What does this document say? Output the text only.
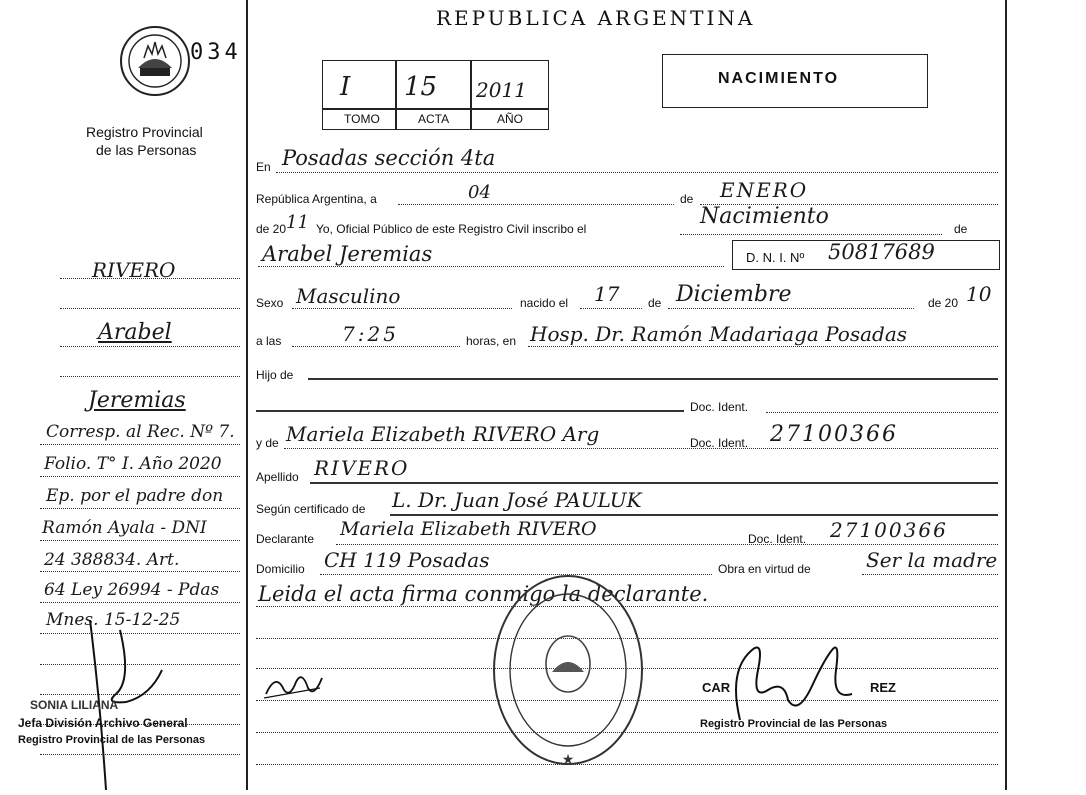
034
Registro Provincial
de las Personas
RIVERO
Arabel
Jeremias
Corresp. al Rec. Nº 7.
Folio. T° I. Año 2020
Ep. por el padre don
Ramón Ayala - DNI
24 388834. Art.
64 Ley 26994 - Pdas
Mnes. 15-12-25
SONIA LILIANA
Jefa División Archivo General
Registro Provincial de las Personas
REPUBLICA ARGENTINA
I 15 2011
TOMO	ACTA	AÑO
NACIMIENTO
En Posadas sección 4ta
República Argentina, a	04	de ENERO
de 20 11 Yo, Oficial Público de este Registro Civil inscribo el	Nacimiento	de
Arabel Jeremias	D. N. I. Nº 50817689
Sexo Masculino	nacido el 17 de Diciembre	de 20 10
a las	7:25	horas, en Hosp. Dr. Ramón Madariaga Posadas
Hijo de
Doc. Ident.
y de Mariela Elizabeth RIVERO Arg	Doc. Ident. 27100366
Apellido RIVERO
Según certificado de L. Dr. Juan José PAULUK
Declarante Mariela Elizabeth RIVERO	Doc. Ident. 27100366
Domicilio CH 119 Posadas	Obra en virtud de	Ser la madre
Leida el acta firma conmigo la declarante.
★
CAR	REZ
Registro Provincial de las Personas
